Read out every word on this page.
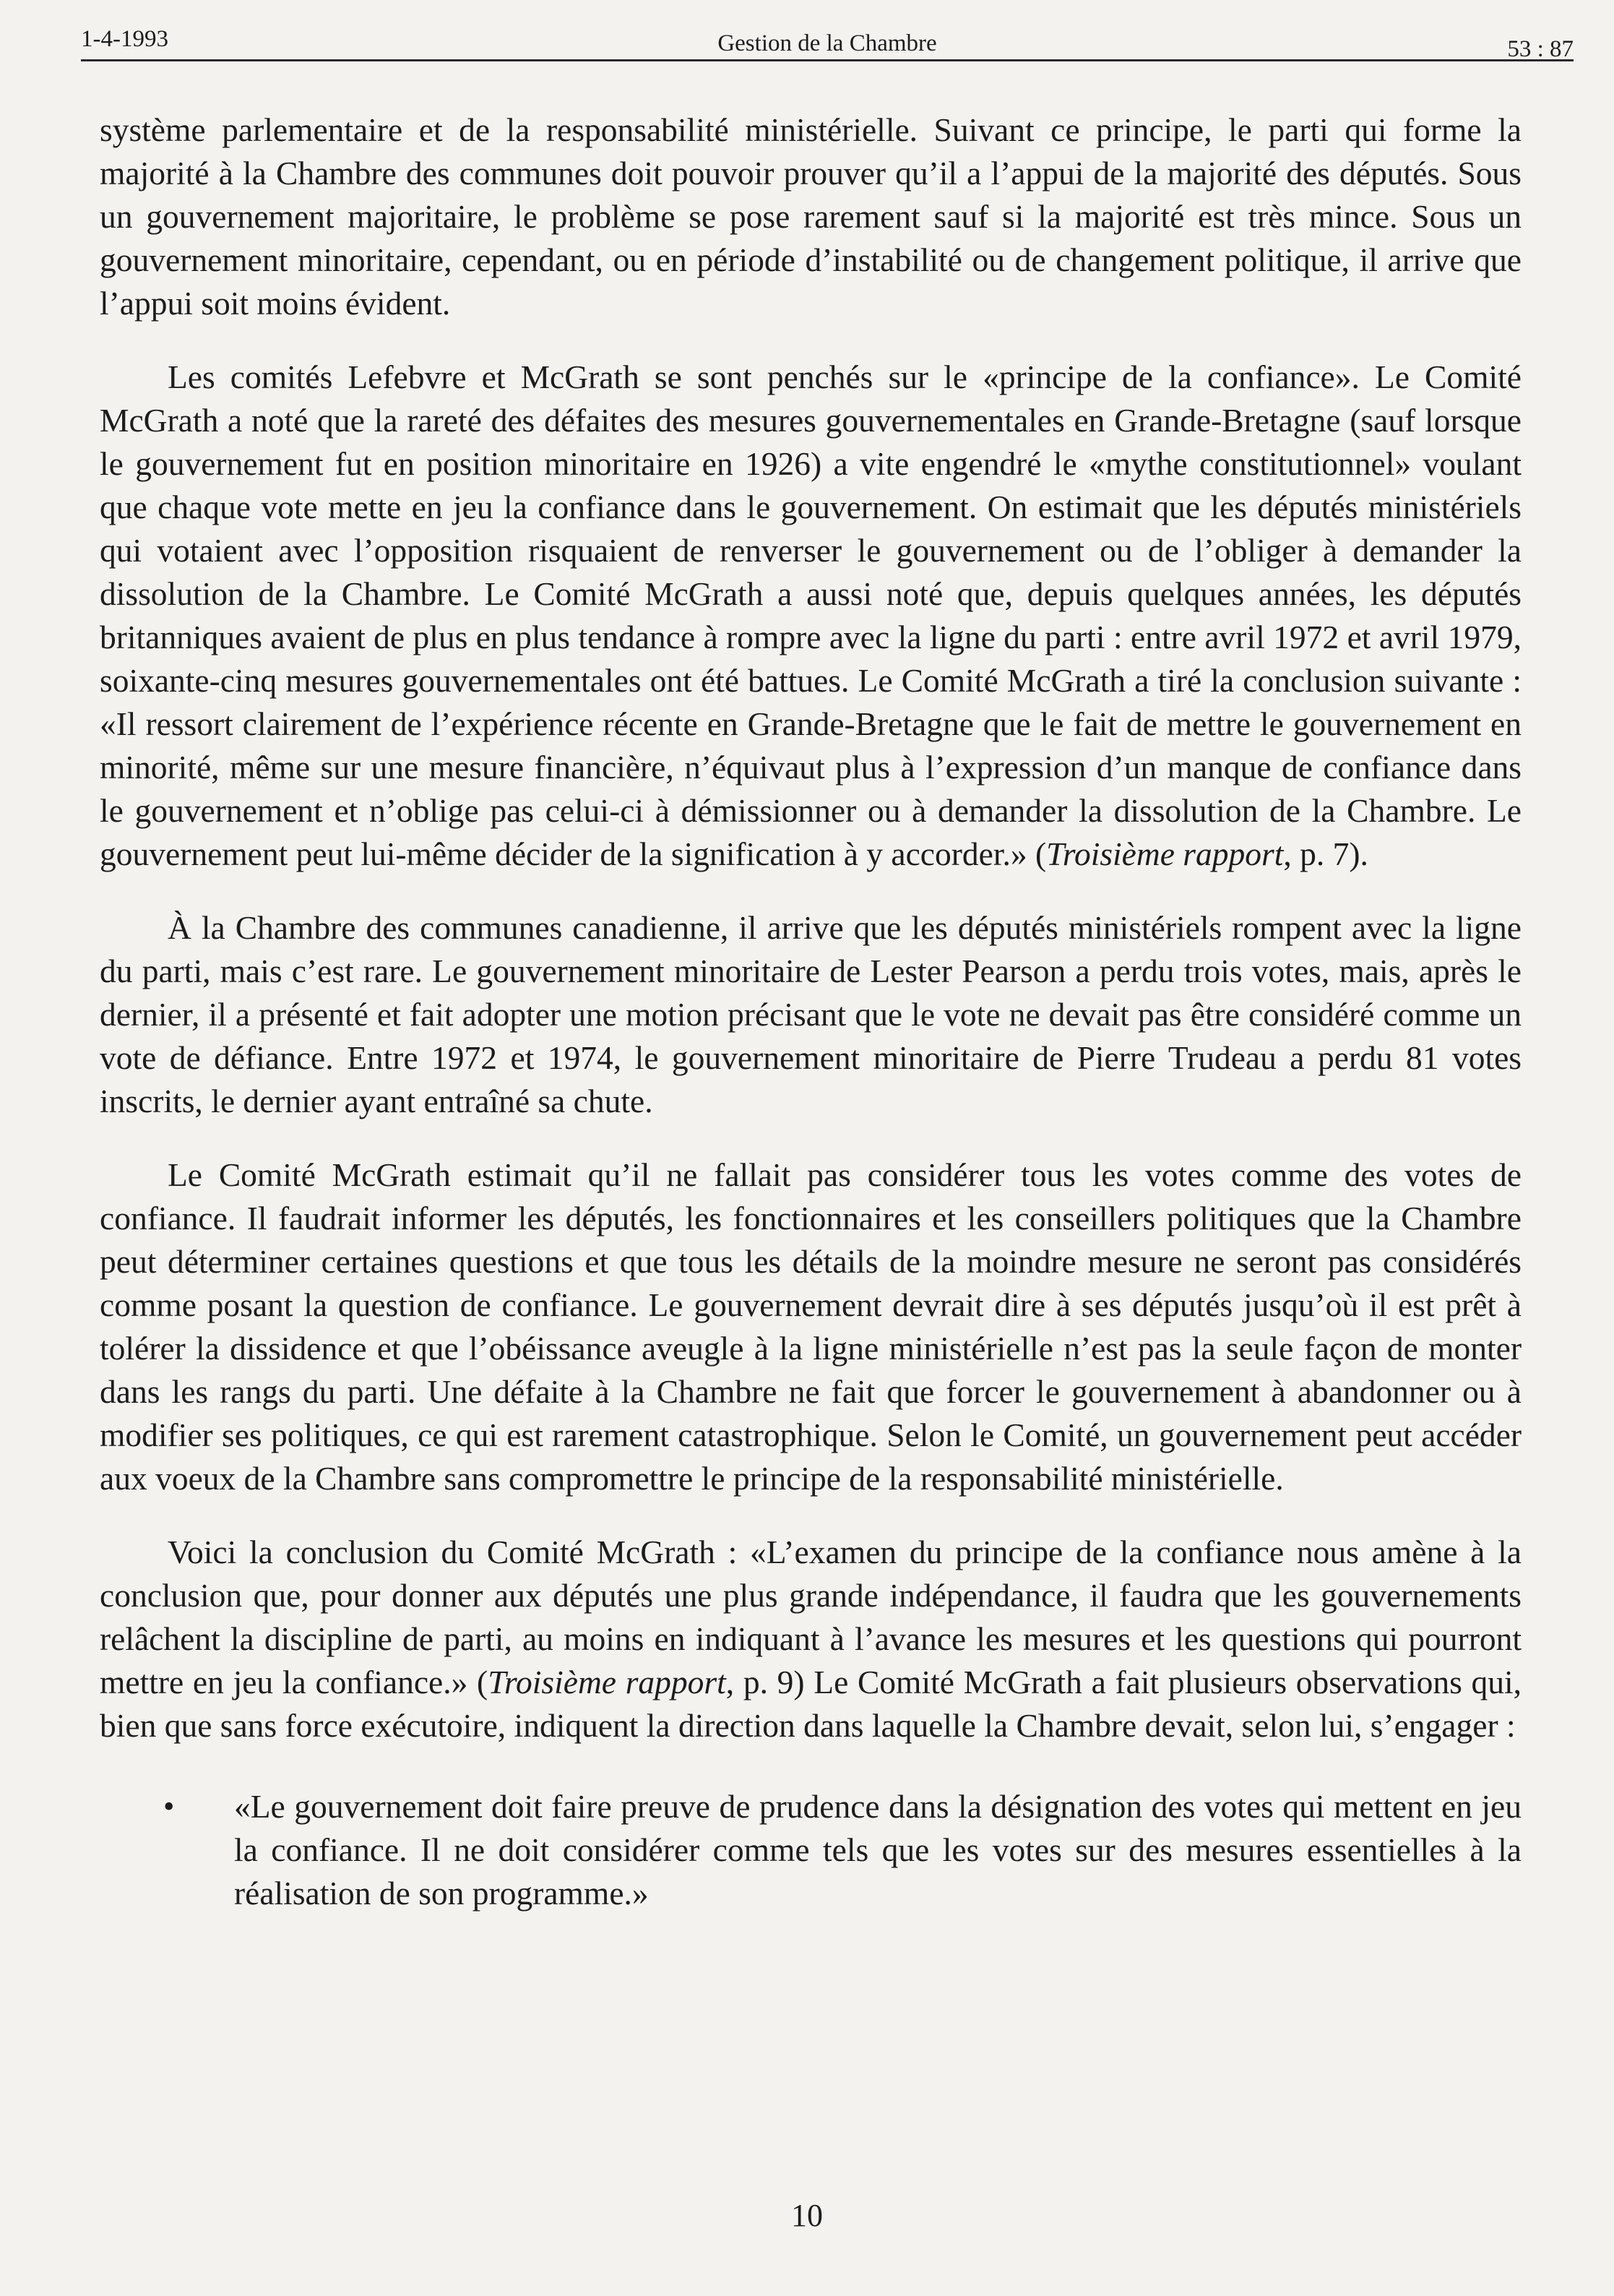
1-4-1993	Gestion de la Chambre	53 : 87

système parlementaire et de la responsabilité ministérielle. Suivant ce principe, le parti qui forme la majorité à la Chambre des communes doit pouvoir prouver qu’il a l’appui de la majorité des députés. Sous un gouvernement majoritaire, le problème se pose rarement sauf si la majorité est très mince. Sous un gouvernement minoritaire, cependant, ou en période d’instabilité ou de changement politique, il arrive que l’appui soit moins évident.

Les comités Lefebvre et McGrath se sont penchés sur le «principe de la confiance». Le Comité McGrath a noté que la rareté des défaites des mesures gouvernementales en Grande-Bretagne (sauf lorsque le gouvernement fut en position minoritaire en 1926) a vite engendré le «mythe constitutionnel» voulant que chaque vote mette en jeu la confiance dans le gouvernement. On estimait que les députés ministériels qui votaient avec l’opposition risquaient de renverser le gouvernement ou de l’obliger à demander la dissolution de la Chambre. Le Comité McGrath a aussi noté que, depuis quelques années, les députés britanniques avaient de plus en plus tendance à rompre avec la ligne du parti : entre avril 1972 et avril 1979, soixante-cinq mesures gouvernementales ont été battues. Le Comité McGrath a tiré la conclusion suivante : «Il ressort clairement de l’expérience récente en Grande-Bretagne que le fait de mettre le gouvernement en minorité, même sur une mesure financière, n’équivaut plus à l’expression d’un manque de confiance dans le gouvernement et n’oblige pas celui-ci à démissionner ou à demander la dissolution de la Chambre. Le gouvernement peut lui-même décider de la signification à y accorder.» (Troisième rapport, p. 7).

À la Chambre des communes canadienne, il arrive que les députés ministériels rompent avec la ligne du parti, mais c’est rare. Le gouvernement minoritaire de Lester Pearson a perdu trois votes, mais, après le dernier, il a présenté et fait adopter une motion précisant que le vote ne devait pas être considéré comme un vote de défiance. Entre 1972 et 1974, le gouvernement minoritaire de Pierre Trudeau a perdu 81 votes inscrits, le dernier ayant entraîné sa chute.

Le Comité McGrath estimait qu’il ne fallait pas considérer tous les votes comme des votes de confiance. Il faudrait informer les députés, les fonctionnaires et les conseillers politiques que la Chambre peut déterminer certaines questions et que tous les détails de la moindre mesure ne seront pas considérés comme posant la question de confiance. Le gouvernement devrait dire à ses députés jusqu’où il est prêt à tolérer la dissidence et que l’obéissance aveugle à la ligne ministérielle n’est pas la seule façon de monter dans les rangs du parti. Une défaite à la Chambre ne fait que forcer le gouvernement à abandonner ou à modifier ses politiques, ce qui est rarement catastrophique. Selon le Comité, un gouvernement peut accéder aux voeux de la Chambre sans compromettre le principe de la responsabilité ministérielle.

Voici la conclusion du Comité McGrath : «L’examen du principe de la confiance nous amène à la conclusion que, pour donner aux députés une plus grande indépendance, il faudra que les gouvernements relâchent la discipline de parti, au moins en indiquant à l’avance les mesures et les questions qui pourront mettre en jeu la confiance.» (Troisième rapport, p. 9) Le Comité McGrath a fait plusieurs observations qui, bien que sans force exécutoire, indiquent la direction dans laquelle la Chambre devait, selon lui, s’engager :

• «Le gouvernement doit faire preuve de prudence dans la désignation des votes qui mettent en jeu la confiance. Il ne doit considérer comme tels que les votes sur des mesures essentielles à la réalisation de son programme.»
10
